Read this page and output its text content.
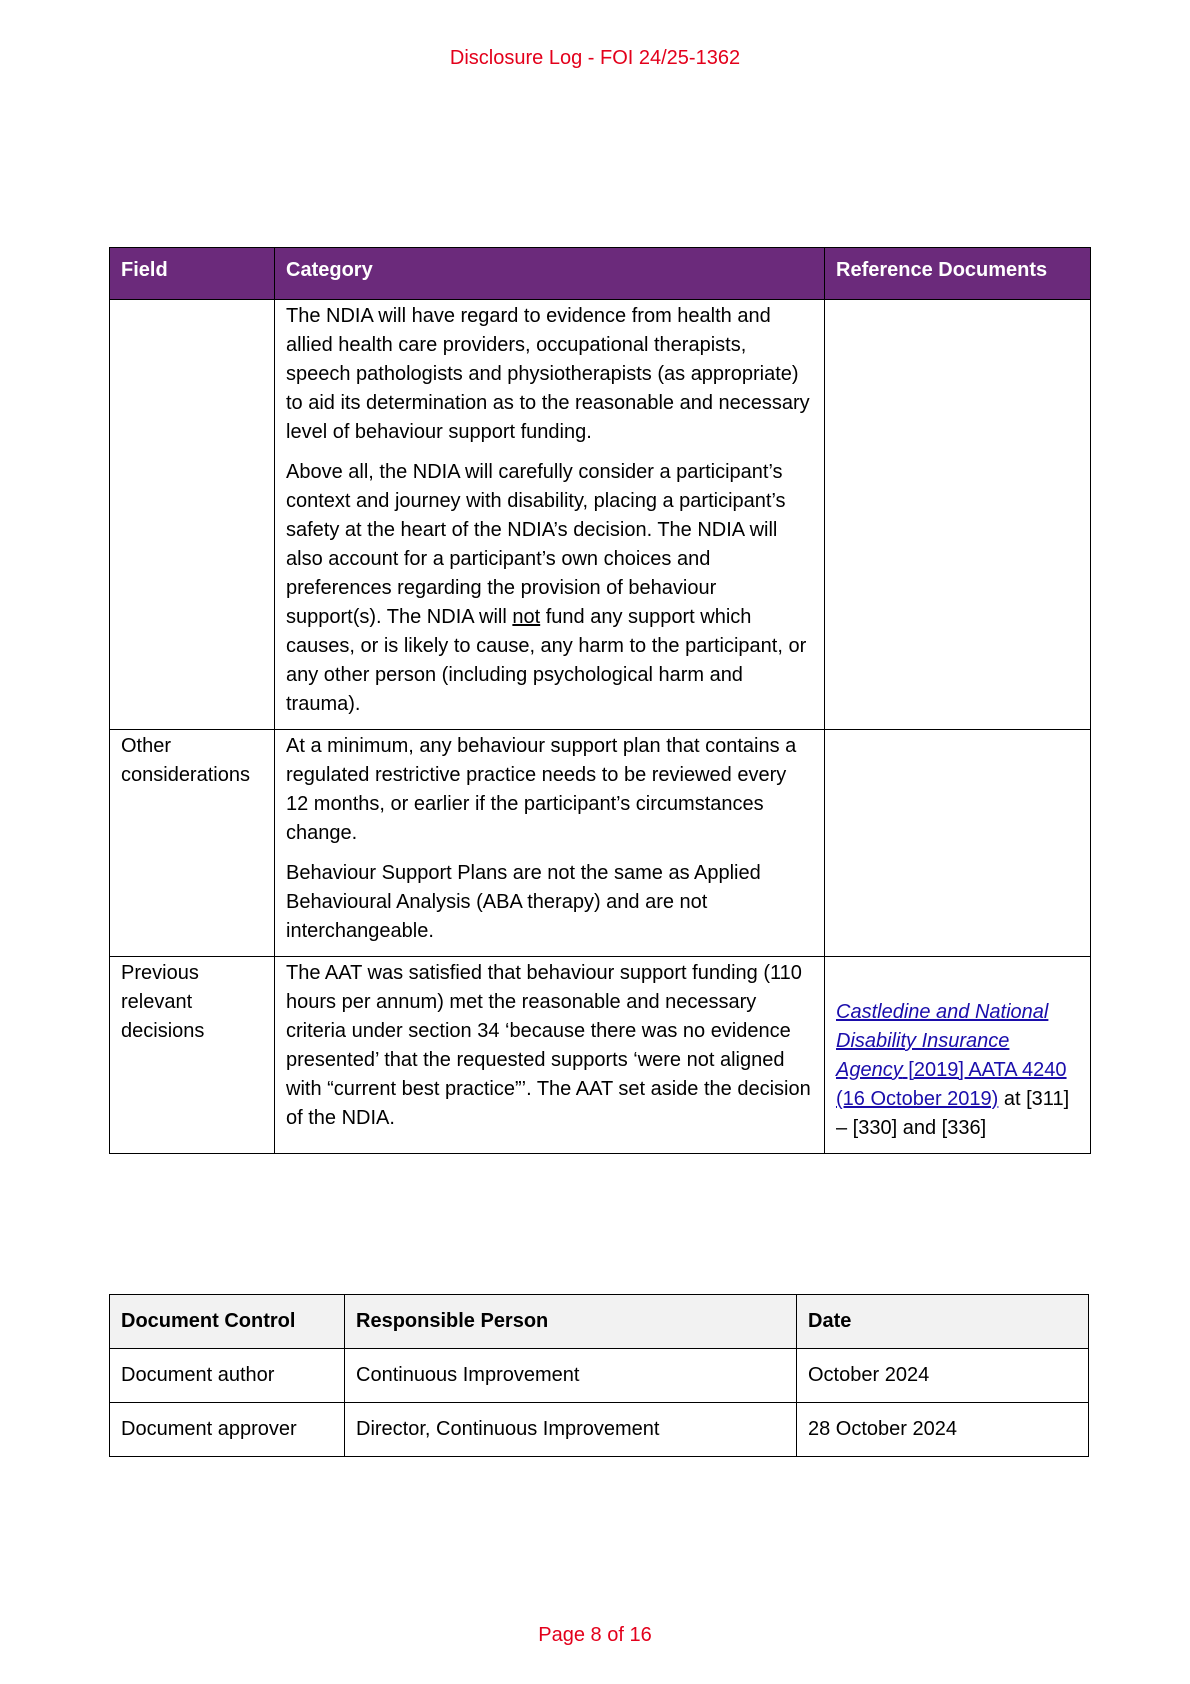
Disclosure Log - FOI 24/25-1362
Field	Category	Reference Documents

	The NDIA will have regard to evidence from health and allied health care providers, occupational therapists, speech pathologists and physiotherapists (as appropriate) to aid its determination as to the reasonable and necessary level of behaviour support funding.

Above all, the NDIA will carefully consider a participant’s context and journey with disability, placing a participant’s safety at the heart of the NDIA’s decision. The NDIA will also account for a participant’s own choices and preferences regarding the provision of behaviour support(s). The NDIA will not fund any support which causes, or is likely to cause, any harm to the participant, or any other person (including psychological harm and trauma).	

Other considerations	At a minimum, any behaviour support plan that contains a regulated restrictive practice needs to be reviewed every 12 months, or earlier if the participant’s circumstances change.

Behaviour Support Plans are not the same as Applied Behavioural Analysis (ABA therapy) and are not interchangeable.	

Previous relevant decisions	The AAT was satisfied that behaviour support funding (110 hours per annum) met the reasonable and necessary criteria under section 34 ‘because there was no evidence presented’ that the requested supports ‘were not aligned with “current best practice”’. The AAT set aside the decision of the NDIA.	Castledine and National Disability Insurance Agency [2019] AATA 4240 (16 October 2019) at [311] – [330] and [336]
Document Control	Responsible Person	Date
Document author	Continuous Improvement	October 2024
Document approver	Director, Continuous Improvement	28 October 2024
Page 8 of 16
